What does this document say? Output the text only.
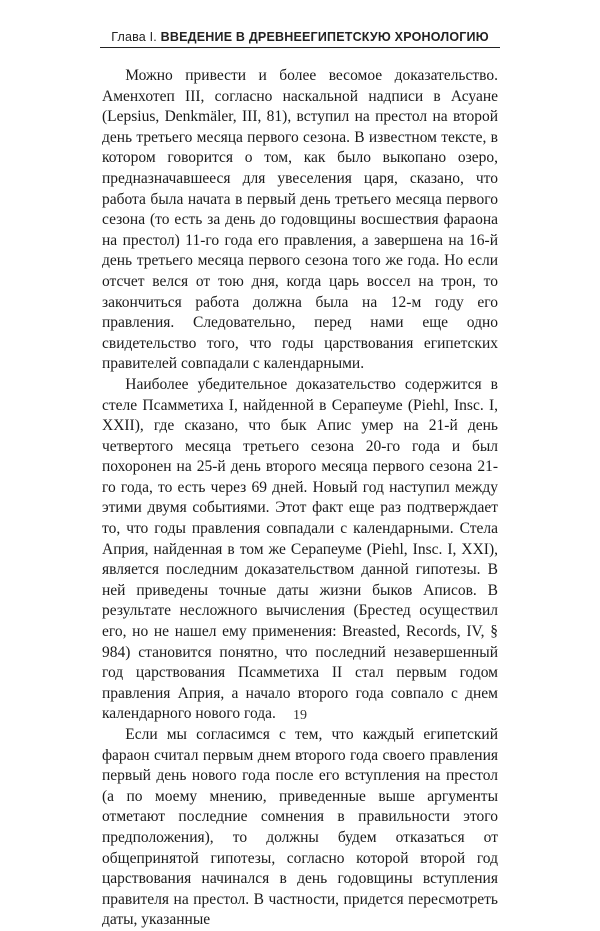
Глава I. ВВЕДЕНИЕ В ДРЕВНЕЕГИПЕТСКУЮ ХРОНОЛОГИЮ

Можно привести и более весомое доказательство. Аменхотеп III, согласно наскальной надписи в Асуане (Lepsius, Denkmäler, III, 81), вступил на престол на второй день третьего месяца первого сезона. В известном тексте, в котором говорится о том, как было выкопано озеро, предназначавшееся для увеселения царя, сказано, что работа была начата в первый день третьего месяца первого сезона (то есть за день до годовщины восшествия фараона на престол) 11-го года его правления, а завершена на 16-й день третьего месяца первого сезона того же года. Но если отсчет велся от тою дня, когда царь воссел на трон, то закончиться работа должна была на 12-м году его правления. Следовательно, перед нами еще одно свидетельство того, что годы царствования египетских правителей совпадали с календарными.

Наиболее убедительное доказательство содержится в стеле Псамметиха I, найденной в Серапеуме (Piehl, Insc. I, XXII), где сказано, что бык Апис умер на 21-й день четвертого месяца третьего сезона 20-го года и был похоронен на 25-й день второго месяца первого сезона 21-го года, то есть через 69 дней. Новый год наступил между этими двумя событиями. Этот факт еще раз подтверждает то, что годы правления совпадали с календарными. Стела Априя, найденная в том же Серапеуме (Piehl, Insc. I, XXI), является последним доказательством данной гипотезы. В ней приведены точные даты жизни быков Аписов. В результате несложного вычисления (Брестед осуществил его, но не нашел ему применения: Breasted, Records, IV, § 984) становится понятно, что последний незавершенный год царствования Псамметиха II стал первым годом правления Априя, а начало второго года совпало с днем календарного нового года.

Если мы согласимся с тем, что каждый египетский фараон считал первым днем второго года своего правления первый день нового года после его вступления на престол (а по моему мнению, приведенные выше аргументы отметают последние сомнения в правильности этого предположения), то должны будем отказаться от общепринятой гипотезы, согласно которой второй год царствования начинался в день годовщины вступления правителя на престол. В частности, придется пересмотреть даты, указанные

19
